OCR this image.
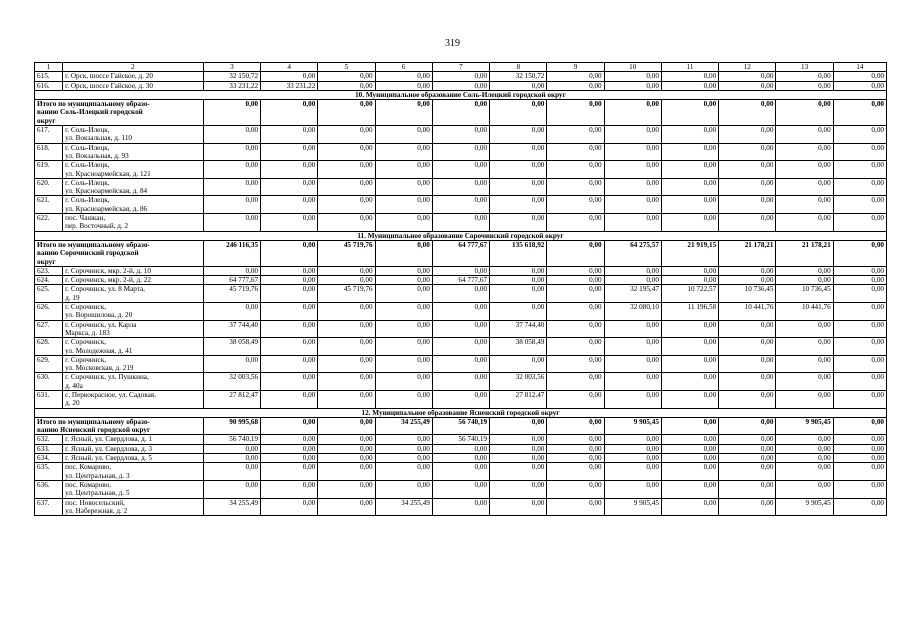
319
1	2	3	4	5	6	7	8	9	10	11	12	13	14
615.	г. Орск, шоссе Гайское, д. 20	32 150,72	0,00	0,00	0,00	0,00	32 150,72	0,00	0,00	0,00	0,00	0,00	0,00
616.	г. Орск, шоссе Гайское, д. 30	33 231,22	33 231,22	0,00	0,00	0,00	0,00	0,00	0,00	0,00	0,00	0,00	0,00
10. Муниципальное образование Соль-Илецкий городской округ													
Итого по муниципальному образо-
ванию Соль-Илецкий городской
округ		0,00	0,00	0,00	0,00	0,00	0,00	0,00	0,00	0,00	0,00	0,00	0,00
617.	г. Соль-Илецк,
ул. Вокзальная, д. 110	0,00	0,00	0,00	0,00	0,00	0,00	0,00	0,00	0,00	0,00	0,00	0,00
618.	г. Соль-Илецк,
ул. Вокзальная, д. 93	0,00	0,00	0,00	0,00	0,00	0,00	0,00	0,00	0,00	0,00	0,00	0,00
619.	г. Соль-Илецк,
ул. Красноармейская, д. 121	0,00	0,00	0,00	0,00	0,00	0,00	0,00	0,00	0,00	0,00	0,00	0,00
620.	г. Соль-Илецк,
ул. Красноармейская, д. 84	0,00	0,00	0,00	0,00	0,00	0,00	0,00	0,00	0,00	0,00	0,00	0,00
621.	г. Соль-Илецк,
ул. Красноармейская, д. 86	0,00	0,00	0,00	0,00	0,00	0,00	0,00	0,00	0,00	0,00	0,00	0,00
622.	пос. Чашкан,
пер. Восточный, д. 2	0,00	0,00	0,00	0,00	0,00	0,00	0,00	0,00	0,00	0,00	0,00	0,00
11. Муниципальное образование Сорочинский городской округ													
Итого по муниципальному образо-
ванию Сорочинский городской
округ		246 116,35	0,00	45 719,76	0,00	64 777,67	135 618,92	0,00	64 275,57	21 919,15	21 178,21	21 178,21	0,00
623.	г. Сорочинск, мкр. 2-й, д. 10	0,00	0,00	0,00	0,00	0,00	0,00	0,00	0,00	0,00	0,00	0,00	0,00
624.	г. Сорочинск, мкр. 2-й, д. 22	64 777,67	0,00	0,00	0,00	64 777,67	0,00	0,00	0,00	0,00	0,00	0,00	0,00
625.	г. Сорочинск, ул. 8 Марта,
д. 19	45 719,76	0,00	45 719,76	0,00	0,00	0,00	0,00	32 195,47	10 722,57	10 736,45	10 736,45	0,00
626.	г. Сорочинск,
ул. Ворошилова, д. 20	0,00	0,00	0,00	0,00	0,00	0,00	0,00	32 080,10	11 196,58	10 441,76	10 441,76	0,00
627.	г. Сорочинск, ул. Карла
Маркса, д. 183	37 744,40	0,00	0,00	0,00	0,00	37 744,40	0,00	0,00	0,00	0,00	0,00	0,00
628.	г. Сорочинск,
ул. Молодежная, д. 41	38 058,49	0,00	0,00	0,00	0,00	38 058,49	0,00	0,00	0,00	0,00	0,00	0,00
629.	г. Сорочинск,
ул. Московская, д. 219	0,00	0,00	0,00	0,00	0,00	0,00	0,00	0,00	0,00	0,00	0,00	0,00
630.	г. Сорочинск, ул. Пушкина,
д. 40а	32 003,56	0,00	0,00	0,00	0,00	32 003,56	0,00	0,00	0,00	0,00	0,00	0,00
631.	с. Первокрасное, ул. Садовая,
д. 20	27 812,47	0,00	0,00	0,00	0,00	27 812,47	0,00	0,00	0,00	0,00	0,00	0,00
12. Муниципальное образование Ясненский городской округ													
Итого по муниципальному образо-
ванию Ясненский городской округ		90 995,68	0,00	0,00	34 255,49	56 740,19	0,00	0,00	9 905,45	0,00	0,00	9 905,45	0,00
632.	г. Ясный, ул. Свердлова, д. 1	56 740,19	0,00	0,00	0,00	56 740,19	0,00	0,00	0,00	0,00	0,00	0,00	0,00
633.	г. Ясный, ул. Свердлова, д. 3	0,00	0,00	0,00	0,00	0,00	0,00	0,00	0,00	0,00	0,00	0,00	0,00
634.	г. Ясный, ул. Свердлова, д. 5	0,00	0,00	0,00	0,00	0,00	0,00	0,00	0,00	0,00	0,00	0,00	0,00
635.	пос. Комарово,
ул. Центральная, д. 3	0,00	0,00	0,00	0,00	0,00	0,00	0,00	0,00	0,00	0,00	0,00	0,00
636.	пос. Комарово,
ул. Центральная, д. 5	0,00	0,00	0,00	0,00	0,00	0,00	0,00	0,00	0,00	0,00	0,00	0,00
637.	пос. Новосельский,
ул. Набережная, д. 2	34 255,49	0,00	0,00	34 255,49	0,00	0,00	0,00	9 905,45	0,00	0,00	9 905,45	0,00
